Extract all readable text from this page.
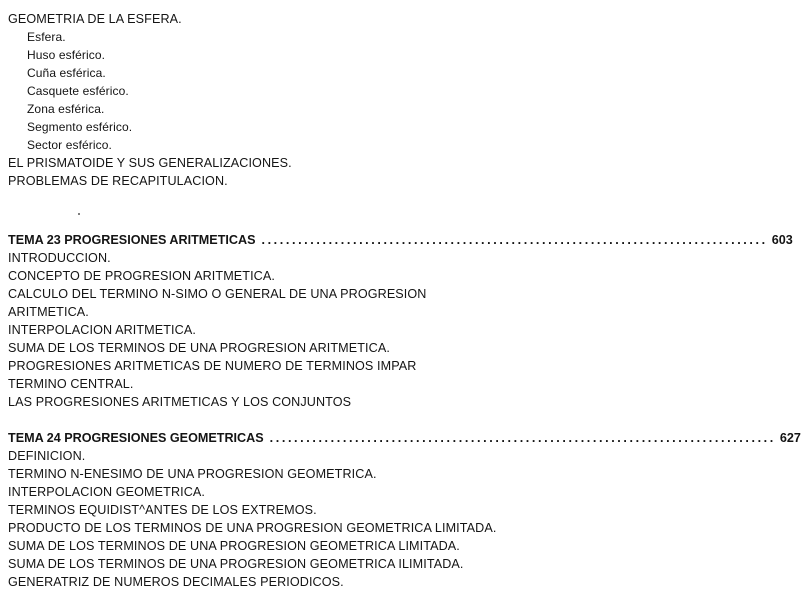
GEOMETRIA DE LA ESFERA.
Esfera.
Huso esférico.
Cuña esférica.
Casquete esférico.
Zona esférica.
Segmento esférico.
Sector esférico.
EL PRISMATOIDE Y SUS GENERALIZACIONES.
PROBLEMAS DE RECAPITULACION.
TEMA 23 PROGRESIONES ARITMETICAS ................................................................................... 603
INTRODUCCION.
CONCEPTO DE PROGRESION ARITMETICA.
CALCULO DEL TERMINO N-SIMO O GENERAL DE UNA PROGRESION
ARITMETICA.
INTERPOLACION ARITMETICA.
SUMA DE LOS TERMINOS DE UNA PROGRESION ARITMETICA.
PROGRESIONES ARITMETICAS DE NUMERO DE TERMINOS IMPAR
TERMINO CENTRAL.
LAS PROGRESIONES ARITMETICAS Y LOS CONJUNTOS
TEMA 24 PROGRESIONES GEOMETRICAS ................................................................................... 627
DEFINICION.
TERMINO N-ENESIMO DE UNA PROGRESION GEOMETRICA.
INTERPOLACION GEOMETRICA.
TERMINOS EQUIDIST^ANTES DE LOS EXTREMOS.
PRODUCTO DE LOS TERMINOS DE UNA PROGRESION GEOMETRICA LIMITADA.
SUMA DE LOS TERMINOS DE UNA PROGRESION GEOMETRICA LIMITADA.
SUMA DE LOS TERMINOS DE UNA PROGRESION GEOMETRICA ILIMITADA.
GENERATRIZ DE NUMEROS DECIMALES PERIODICOS.
